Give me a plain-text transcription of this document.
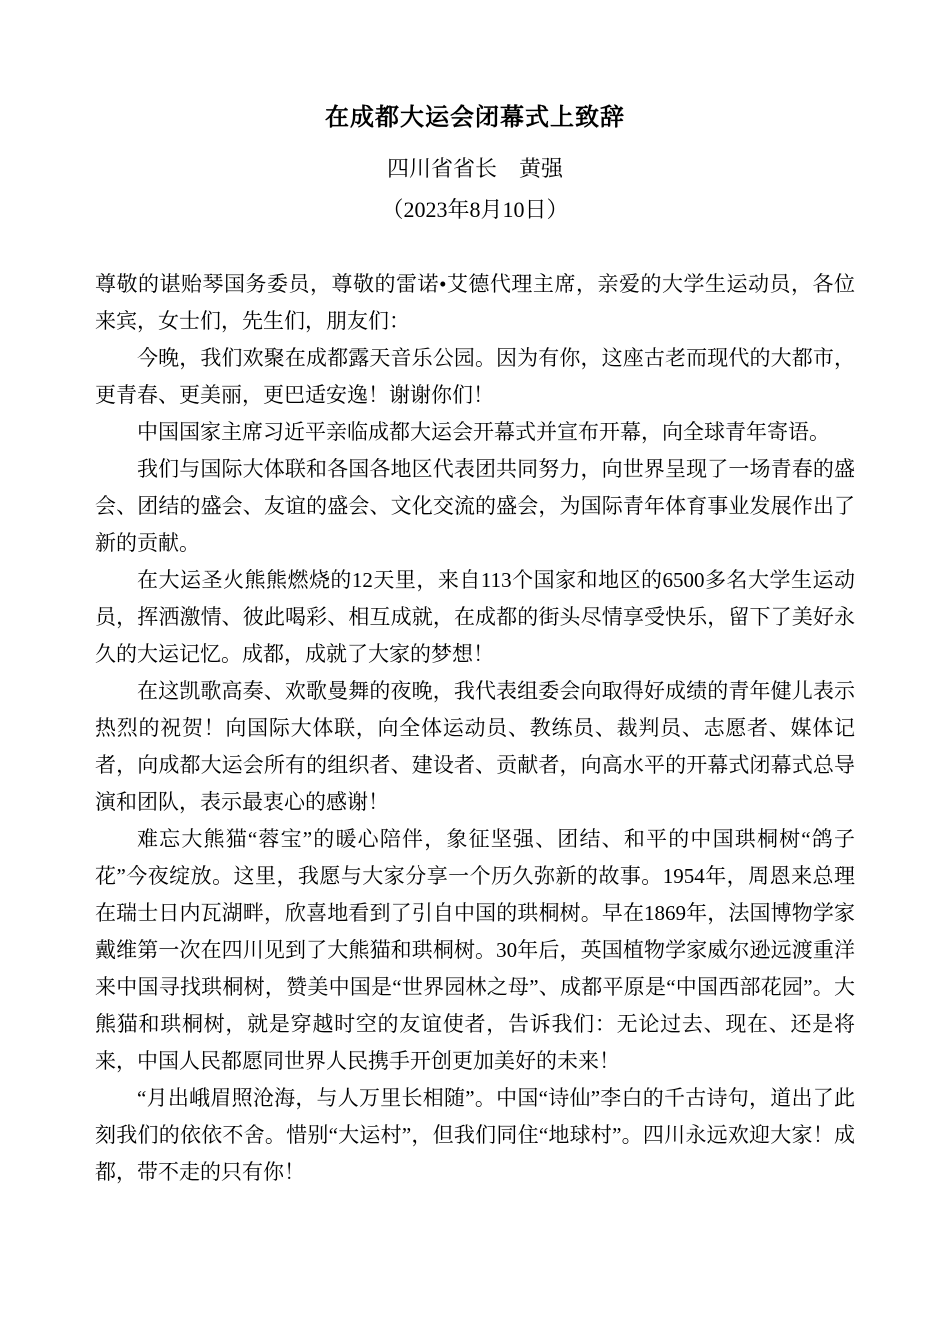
在成都大运会闭幕式上致辞
四川省省长　黄强
（2023年8月10日）

尊敬的谌贻琴国务委员，尊敬的雷诺•艾德代理主席，亲爱的大学生运动员，各位来宾，女士们，先生们，朋友们：

今晚，我们欢聚在成都露天音乐公园。因为有你，这座古老而现代的大都市，更青春、更美丽，更巴适安逸！谢谢你们！

中国国家主席习近平亲临成都大运会开幕式并宣布开幕，向全球青年寄语。

我们与国际大体联和各国各地区代表团共同努力，向世界呈现了一场青春的盛会、团结的盛会、友谊的盛会、文化交流的盛会，为国际青年体育事业发展作出了新的贡献。

在大运圣火熊熊燃烧的12天里，来自113个国家和地区的6500多名大学生运动员，挥洒激情、彼此喝彩、相互成就，在成都的街头尽情享受快乐，留下了美好永久的大运记忆。成都，成就了大家的梦想！

在这凯歌高奏、欢歌曼舞的夜晚，我代表组委会向取得好成绩的青年健儿表示热烈的祝贺！向国际大体联，向全体运动员、教练员、裁判员、志愿者、媒体记者，向成都大运会所有的组织者、建设者、贡献者，向高水平的开幕式闭幕式总导演和团队，表示最衷心的感谢！

难忘大熊猫“蓉宝”的暖心陪伴，象征坚强、团结、和平的中国珙桐树“鸽子花”今夜绽放。这里，我愿与大家分享一个历久弥新的故事。1954年，周恩来总理在瑞士日内瓦湖畔，欣喜地看到了引自中国的珙桐树。早在1869年，法国博物学家戴维第一次在四川见到了大熊猫和珙桐树。30年后，英国植物学家威尔逊远渡重洋来中国寻找珙桐树，赞美中国是“世界园林之母”、成都平原是“中国西部花园”。大熊猫和珙桐树，就是穿越时空的友谊使者，告诉我们：无论过去、现在、还是将来，中国人民都愿同世界人民携手开创更加美好的未来！

“月出峨眉照沧海，与人万里长相随”。中国“诗仙”李白的千古诗句，道出了此刻我们的依依不舍。惜别“大运村”，但我们同住“地球村”。四川永远欢迎大家！成都，带不走的只有你！
